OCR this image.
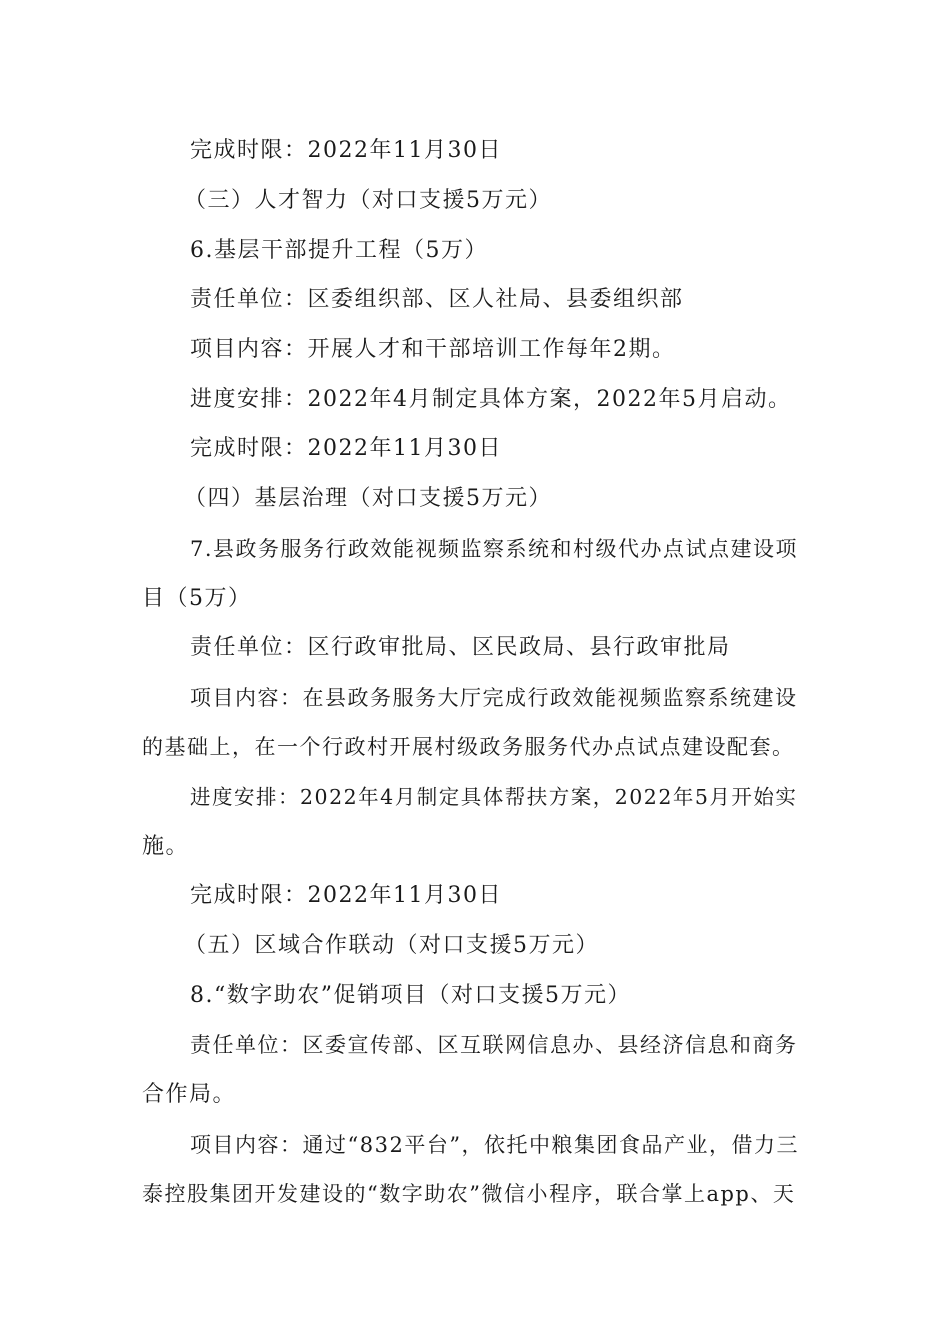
完成时限：2022年11月30日

（三）人才智力（对口支援5万元）

6.基层干部提升工程（5万）

责任单位：区委组织部、区人社局、县委组织部

项目内容：开展人才和干部培训工作每年2期。

进度安排：2022年4月制定具体方案，2022年5月启动。

完成时限：2022年11月30日

（四）基层治理（对口支援5万元）

7.县政务服务行政效能视频监察系统和村级代办点试点建设项

目（5万）

责任单位：区行政审批局、区民政局、县行政审批局

项目内容：在县政务服务大厅完成行政效能视频监察系统建设

的基础上，在一个行政村开展村级政务服务代办点试点建设配套。

进度安排：2022年4月制定具体帮扶方案，2022年5月开始实

施。

完成时限：2022年11月30日

（五）区域合作联动（对口支援5万元）

8.“数字助农”促销项目（对口支援5万元）

责任单位：区委宣传部、区互联网信息办、县经济信息和商务

合作局。

项目内容：通过“832平台”，依托中粮集团食品产业，借力三

泰控股集团开发建设的“数字助农”微信小程序，联合掌上app、天
